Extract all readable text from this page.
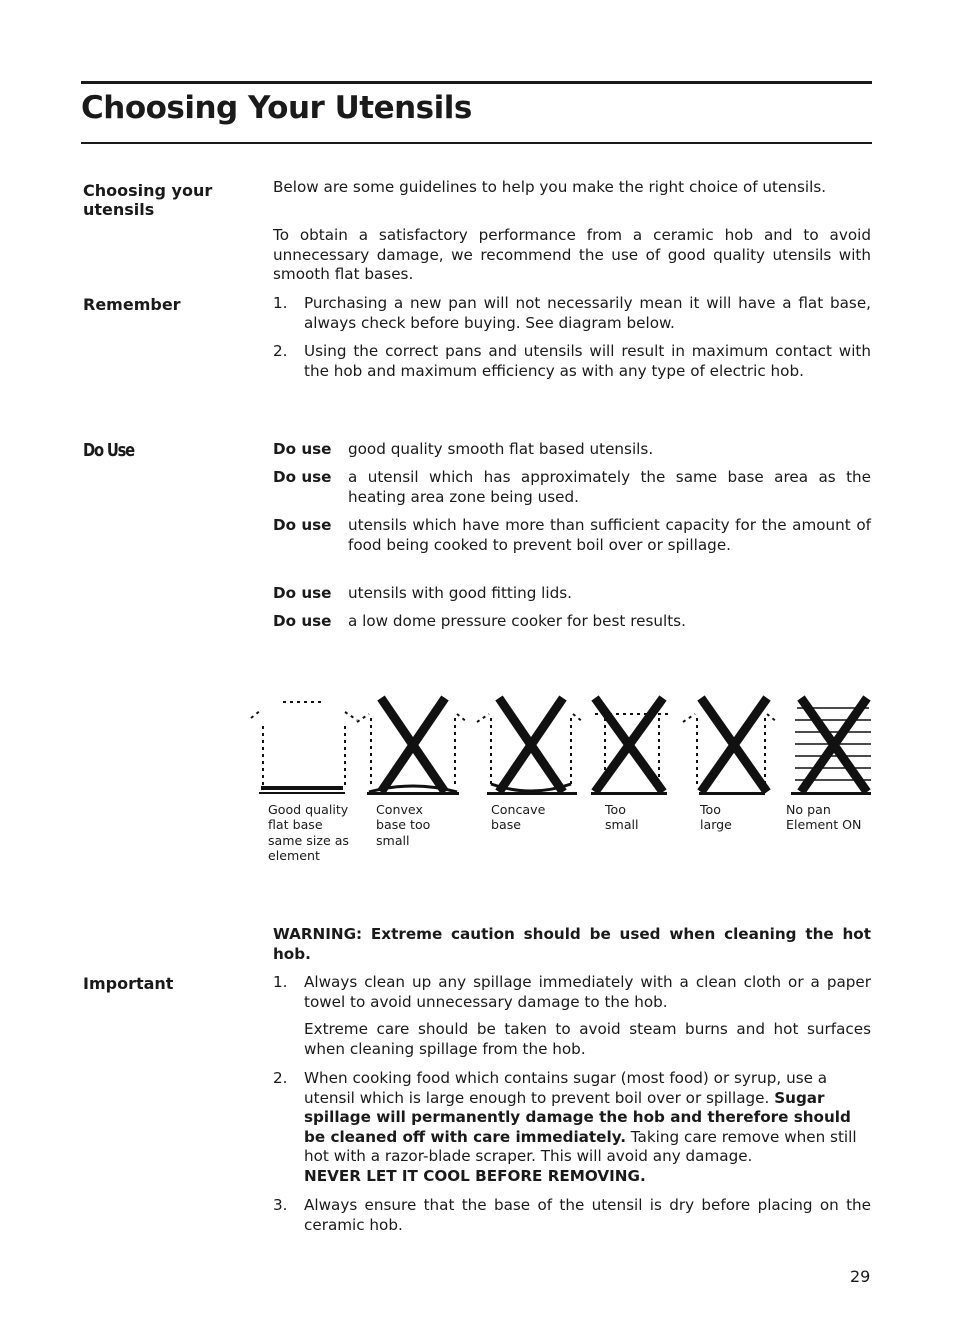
Choosing Your Utensils

Choosing your utensils

Below are some guidelines to help you make the right choice of utensils.

To obtain a satisfactory performance from a ceramic hob and to avoid unnecessary damage, we recommend the use of good quality utensils with smooth flat bases.

Remember	1.	Purchasing a new pan will not necessarily mean it will have a flat base, always check before buying. See diagram below.
2.	Using the correct pans and utensils will result in maximum contact with the hob and maximum efficiency as with any type of electric hob.

Do Use	Do use good quality smooth flat based utensils.
Do use a utensil which has approximately the same base area as the heating area zone being used.
Do use utensils which have more than sufficient capacity for the amount of food being cooked to prevent boil over or spillage.
Do use utensils with good fitting lids.
Do use a low dome pressure cooker for best results.
Good quality
flat base
same size as
element
Convex
base too
small
Concave
base
Too
small
Too
large
No pan
Element ON

WARNING: Extreme caution should be used when cleaning the hot hob.

Important	1.	Always clean up any spillage immediately with a clean cloth or a paper towel to avoid unnecessary damage to the hob.
Extreme care should be taken to avoid steam burns and hot surfaces when cleaning spillage from the hob.
2.	When cooking food which contains sugar (most food) or syrup, use a utensil which is large enough to prevent boil over or spillage. Sugar spillage will permanently damage the hob and therefore should be cleaned off with care immediately. Taking care remove when still hot with a razor-blade scraper. This will avoid any damage.
NEVER LET IT COOL BEFORE REMOVING.
3.	Always ensure that the base of the utensil is dry before placing on the ceramic hob.
29
